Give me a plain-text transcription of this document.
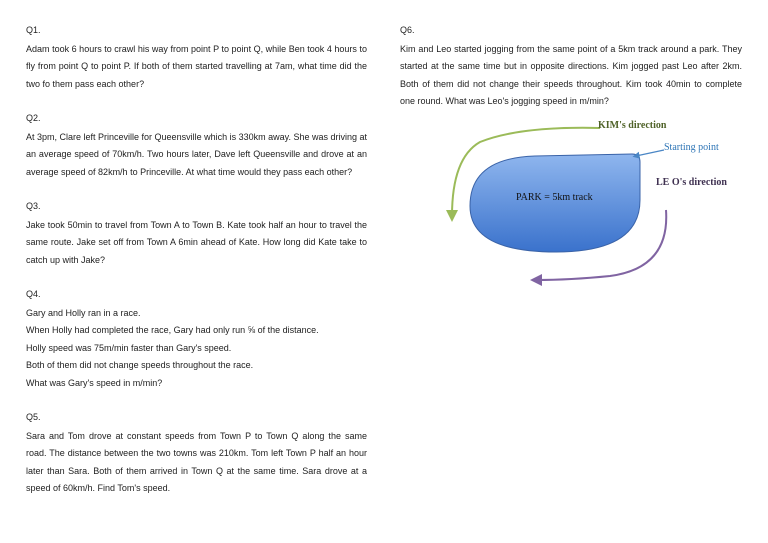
Q1.
Adam took 6 hours to crawl his way from point P to point Q, while Ben took 4 hours to fly from point Q to point P. If both of them started travelling at 7am, what time did the two fo them pass each other?
Q2.
At 3pm, Clare left Princeville for Queensville which is 330km away. She was driving at an average speed of 70km/h. Two hours later, Dave left Queensville and drove at an average speed of 82km/h to Princeville. At what time would they pass each other?
Q3.
Jake took 50min to travel from Town A to Town B. Kate took half an hour to travel the same route. Jake set off from Town A 6min ahead of Kate. How long did Kate take to catch up with Jake?
Q4.
Gary and Holly ran in a race.
When Holly had completed the race, Gary had only run ⅝ of the distance.
Holly speed was 75m/min faster than Gary's speed.
Both of them did not change speeds throughout the race.
What was Gary's speed in m/min?
Q5.
Sara and Tom drove at constant speeds from Town P to Town Q along the same road. The distance between the two towns was 210km. Tom left Town P half an hour later than Sara. Both of them arrived in Town Q at the same time. Sara drove at a speed of 60km/h. Find Tom's speed.
Q6.
Kim and Leo started jogging from the same point of a 5km track around a park. They started at the same time but in opposite directions. Kim jogged past Leo after 2km. Both of them did not change their speeds throughout. Kim took 40min to complete one round. What was Leo's jogging speed in m/min?
PARK = 5km track
KIM's direction
Starting point
LE O's direction
